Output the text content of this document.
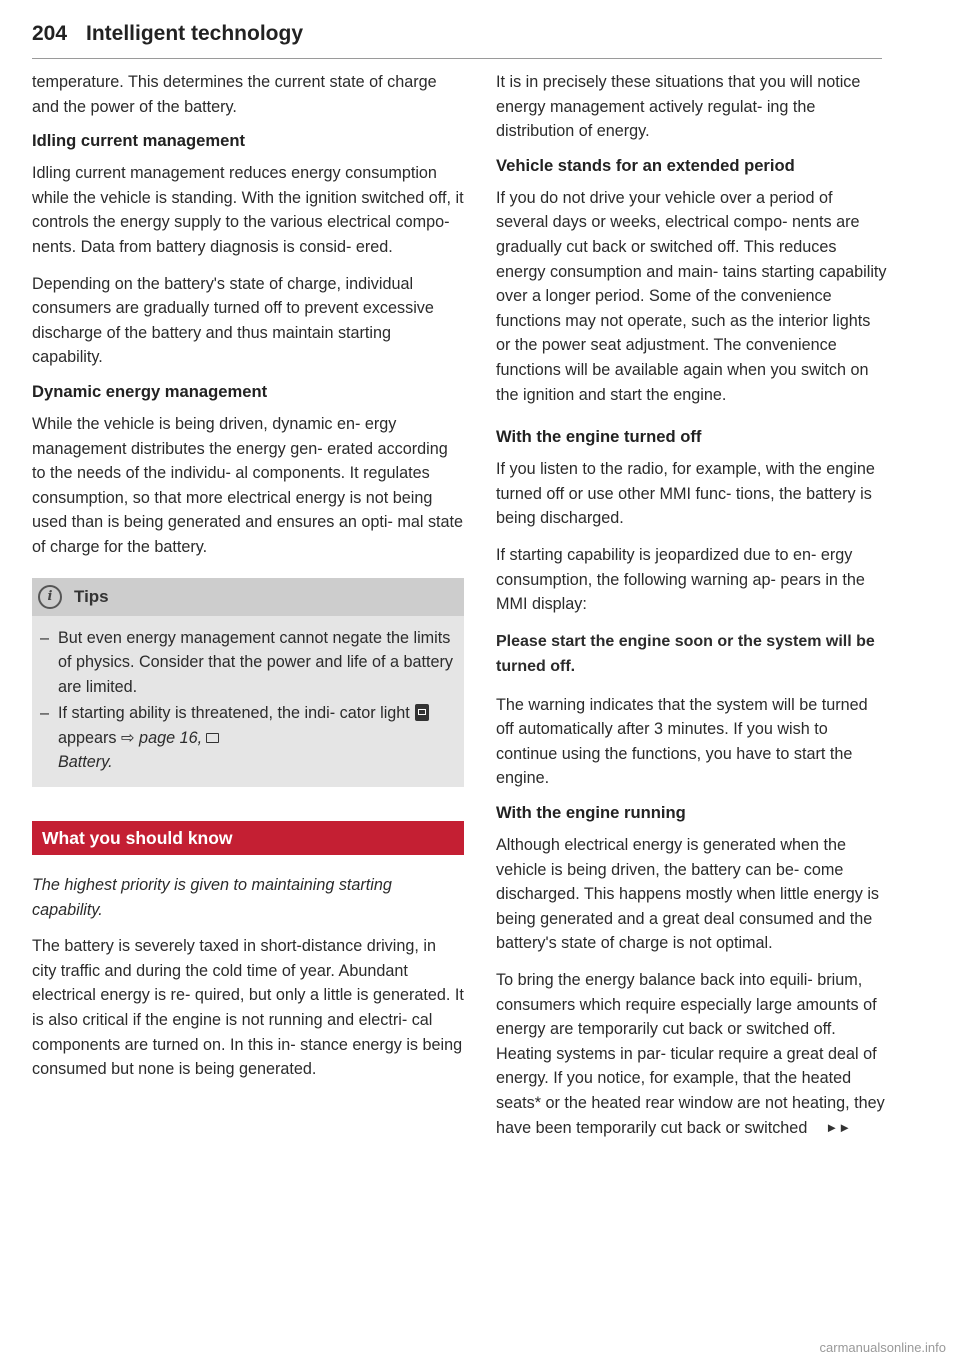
204 Intelligent technology

temperature. This determines the current state of charge and the power of the battery.

Idling current management

Idling current management reduces energy consumption while the vehicle is standing. With the ignition switched off, it controls the energy supply to the various electrical compo- nents. Data from battery diagnosis is consid- ered.

Depending on the battery's state of charge, individual consumers are gradually turned off to prevent excessive discharge of the battery and thus maintain starting capability.

Dynamic energy management

While the vehicle is being driven, dynamic en- ergy management distributes the energy gen- erated according to the needs of the individu- al components. It regulates consumption, so that more electrical energy is not being used than is being generated and ensures an opti- mal state of charge for the battery.

i	Tips
– But even energy management cannot negate the limits of physics. Consider that the power and life of a battery are limited.
– If starting ability is threatened, the indi- cator light  appears ⇨ page 16,
Battery.
What you should know

The highest priority is given to maintaining starting capability.

The battery is severely taxed in short-distance driving, in city traffic and during the cold time of year. Abundant electrical energy is re- quired, but only a little is generated. It is also critical if the engine is not running and electri- cal components are turned on. In this in- stance energy is being consumed but none is being generated.

It is in precisely these situations that you will notice energy management actively regulat- ing the distribution of energy.

Vehicle stands for an extended period

If you do not drive your vehicle over a period of several days or weeks, electrical compo- nents are gradually cut back or switched off. This reduces energy consumption and main- tains starting capability over a longer period. Some of the convenience functions may not operate, such as the interior lights or the power seat adjustment. The convenience functions will be available again when you switch on the ignition and start the engine.

With the engine turned off

If you listen to the radio, for example, with the engine turned off or use other MMI func- tions, the battery is being discharged.

If starting capability is jeopardized due to en- ergy consumption, the following warning ap- pears in the MMI display:

Please start the engine soon or the system will be turned off.

The warning indicates that the system will be turned off automatically after 3 minutes. If you wish to continue using the functions, you have to start the engine.

With the engine running

Although electrical energy is generated when the vehicle is being driven, the battery can be- come discharged. This happens mostly when little energy is being generated and a great deal consumed and the battery's state of charge is not optimal.

To bring the energy balance back into equili- brium, consumers which require especially large amounts of energy are temporarily cut back or switched off. Heating systems in par- ticular require a great deal of energy. If you notice, for example, that the heated seats* or the heated rear window are not heating, they have been temporarily cut back or switched ►►

carmanualsonline.info
